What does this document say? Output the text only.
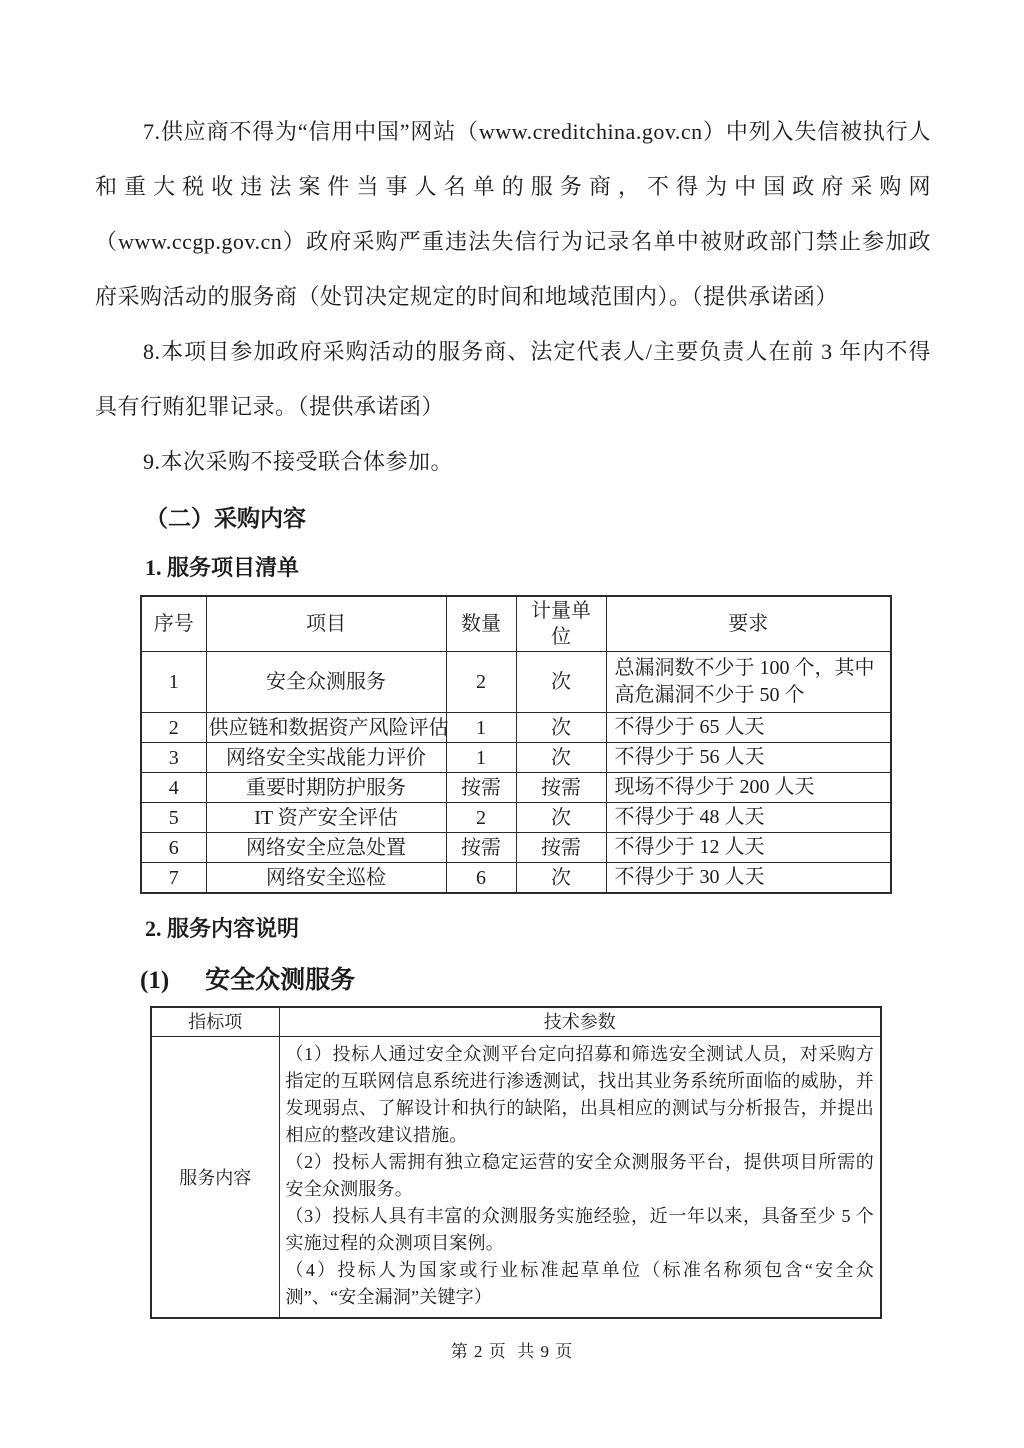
7.供应商不得为“信用中国”网站（www.creditchina.gov.cn）中列入失信被执行人和重大税收违法案件当事人名单的服务商，不得为中国政府采购网（www.ccgp.gov.cn）政府采购严重违法失信行为记录名单中被财政部门禁止参加政府采购活动的服务商（处罚决定规定的时间和地域范围内）。（提供承诺函）

8.本项目参加政府采购活动的服务商、法定代表人/主要负责人在前 3 年内不得具有行贿犯罪记录。（提供承诺函）

9.本次采购不接受联合体参加。

（二）采购内容
1. 服务项目清单
序号	项目	数量	计量单位	要求
1	安全众测服务	2	次	总漏洞数不少于 100 个，其中高危漏洞不少于 50 个
2	供应链和数据资产风险评估	1	次	不得少于 65 人天
3	网络安全实战能力评价	1	次	不得少于 56 人天
4	重要时期防护服务	按需	按需	现场不得少于 200 人天
5	IT 资产安全评估	2	次	不得少于 48 人天
6	网络安全应急处置	按需	按需	不得少于 12 人天
7	网络安全巡检	6	次	不得少于 30 人天
2. 服务内容说明
(1) 安全众测服务
指标项	技术参数
服务内容	（1）投标人通过安全众测平台定向招募和筛选安全测试人员，对采购方指定的互联网信息系统进行渗透测试，找出其业务系统所面临的威胁，并发现弱点、了解设计和执行的缺陷，出具相应的测试与分析报告，并提出相应的整改建议措施。

（2）投标人需拥有独立稳定运营的安全众测服务平台，提供项目所需的安全众测服务。

（3）投标人具有丰富的众测服务实施经验，近一年以来，具备至少 5 个实施过程的众测项目案例。

（4）投标人为国家或行业标准起草单位（标准名称须包含“安全众测”、“安全漏洞”关键字）

第 2 页  共 9 页
